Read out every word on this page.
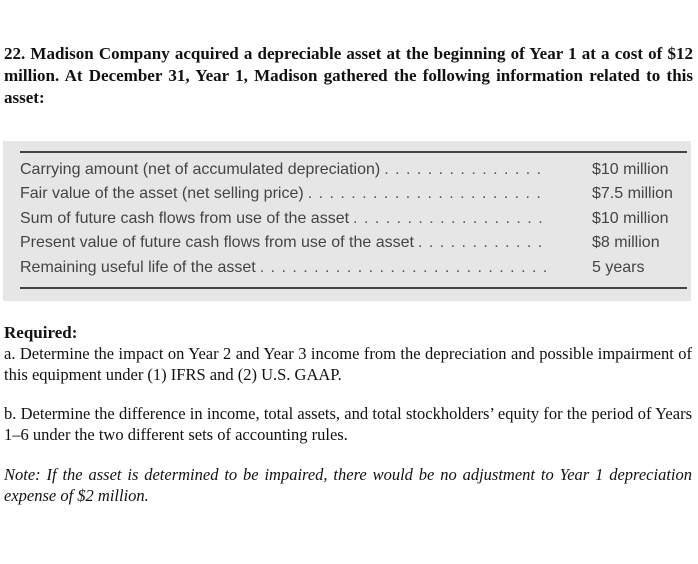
22. Madison Company acquired a depreciable asset at the beginning of Year 1 at a cost of $12 million. At December 31, Year 1, Madison gathered the following information related to this asset:
Carrying amount (net of accumulated depreciation) . . .	$10 million
Fair value of the asset (net selling price) . . .	$7.5 million
Sum of future cash flows from use of the asset . . .	$10 million
Present value of future cash flows from use of the asset . . .	$8 million
Remaining useful life of the asset . . .	5 years
Required:
a. Determine the impact on Year 2 and Year 3 income from the depreciation and possible impairment of this equipment under (1) IFRS and (2) U.S. GAAP.
b. Determine the difference in income, total assets, and total stockholders’ equity for the period of Years 1–6 under the two different sets of accounting rules.
Note: If the asset is determined to be impaired, there would be no adjustment to Year 1 depreciation expense of $2 million.
